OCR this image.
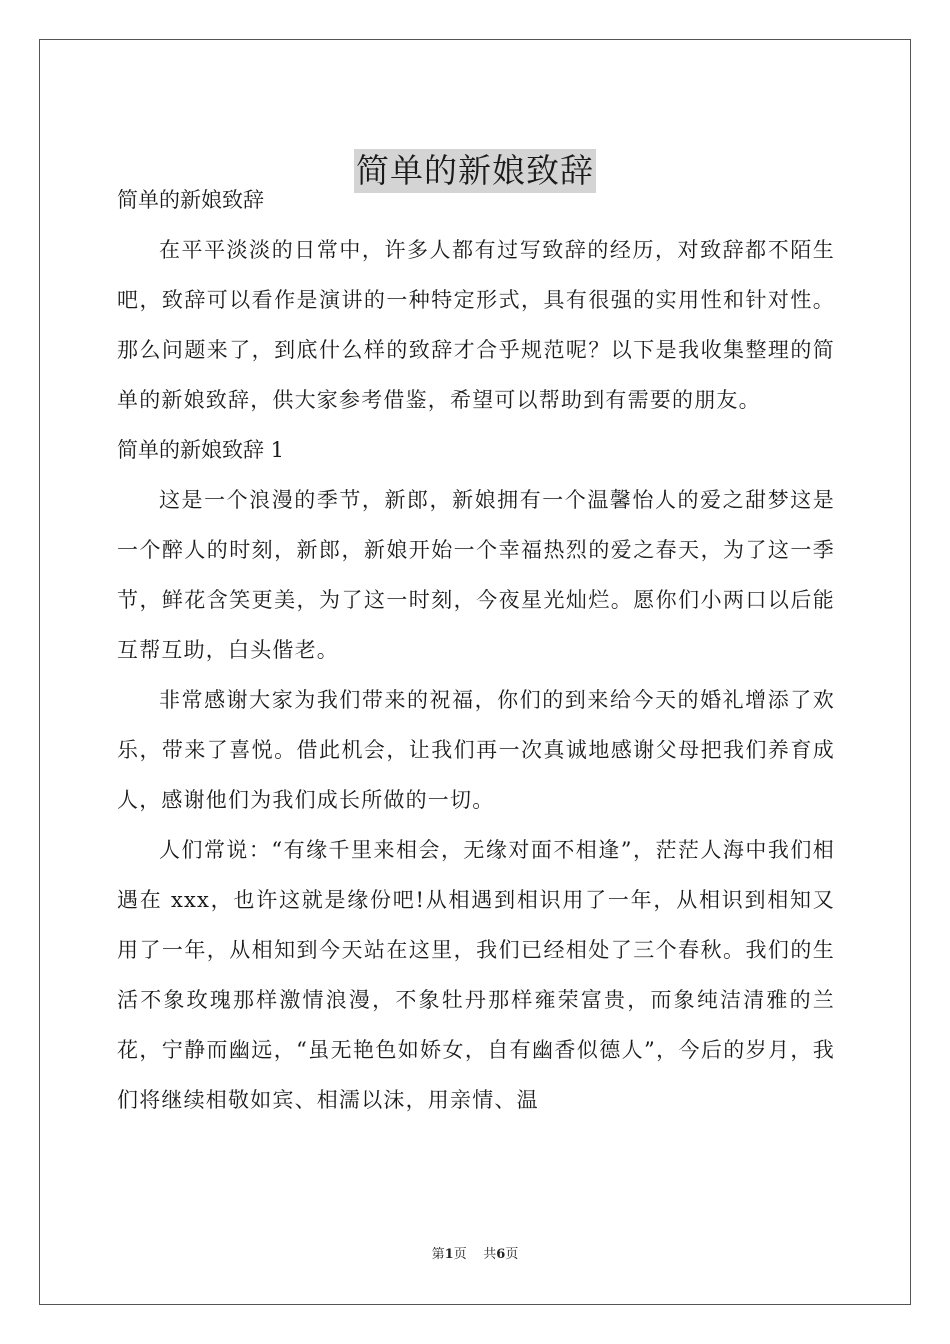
简单的新娘致辞

简单的新娘致辞

在平平淡淡的日常中，许多人都有过写致辞的经历，对致辞都不陌生吧，致辞可以看作是演讲的一种特定形式，具有很强的实用性和针对性。那么问题来了，到底什么样的致辞才合乎规范呢？以下是我收集整理的简单的新娘致辞，供大家参考借鉴，希望可以帮助到有需要的朋友。

简单的新娘致辞 1

这是一个浪漫的季节，新郎，新娘拥有一个温馨怡人的爱之甜梦这是一个醉人的时刻，新郎，新娘开始一个幸福热烈的爱之春天，为了这一季节，鲜花含笑更美，为了这一时刻，今夜星光灿烂。愿你们小两口以后能互帮互助，白头偕老。

非常感谢大家为我们带来的祝福，你们的到来给今天的婚礼增添了欢乐，带来了喜悦。借此机会，让我们再一次真诚地感谢父母把我们养育成人，感谢他们为我们成长所做的一切。

人们常说：“有缘千里来相会，无缘对面不相逢”，茫茫人海中我们相遇在 xxx，也许这就是缘份吧!从相遇到相识用了一年，从相识到相知又用了一年，从相知到今天站在这里，我们已经相处了三个春秋。我们的生活不象玫瑰那样激情浪漫，不象牡丹那样雍荣富贵，而象纯洁清雅的兰花，宁静而幽远，“虽无艳色如娇女，自有幽香似德人”，今后的岁月，我们将继续相敬如宾、相濡以沫，用亲情、温

第1页 共6页
